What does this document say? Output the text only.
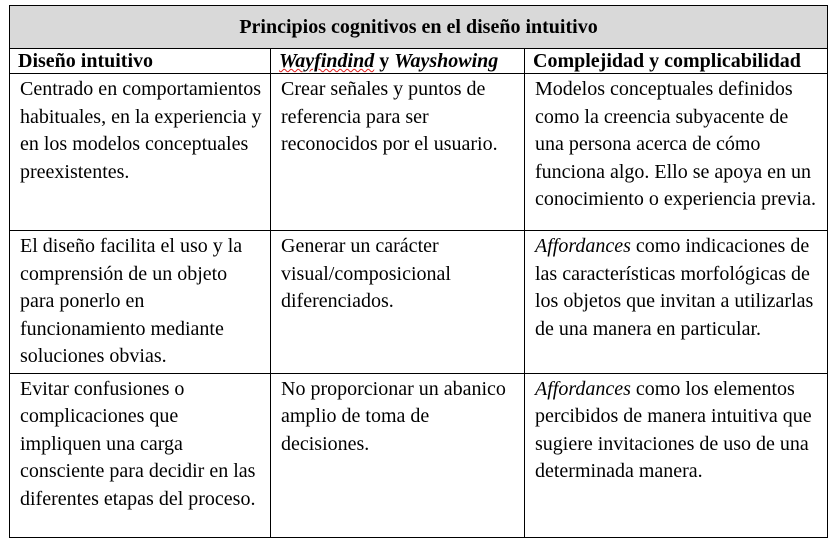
Principios cognitivos en el diseño intuitivo		
Diseño intuitivo	Wayfindind y Wayshowing	Complejidad y complicabilidad
Centrado en comportamientos habituales, en la experiencia y en los modelos conceptuales preexistentes.	Crear señales y puntos de referencia para ser reconocidos por el usuario.	Modelos conceptuales definidos como la creencia subyacente de una persona acerca de cómo funciona algo. Ello se apoya en un conocimiento o experiencia previa.
El diseño facilita el uso y la comprensión de un objeto para ponerlo en funcionamiento mediante soluciones obvias.	Generar un carácter visual/composicional diferenciados.	Affordances como indicaciones de las características morfológicas de los objetos que invitan a utilizarlas de una manera en particular.
Evitar confusiones o complicaciones que impliquen una carga consciente para decidir en las diferentes etapas del proceso.	No proporcionar un abanico amplio de toma de decisiones.	Affordances como los elementos percibidos de manera intuitiva que sugiere invitaciones de uso de una determinada manera.
